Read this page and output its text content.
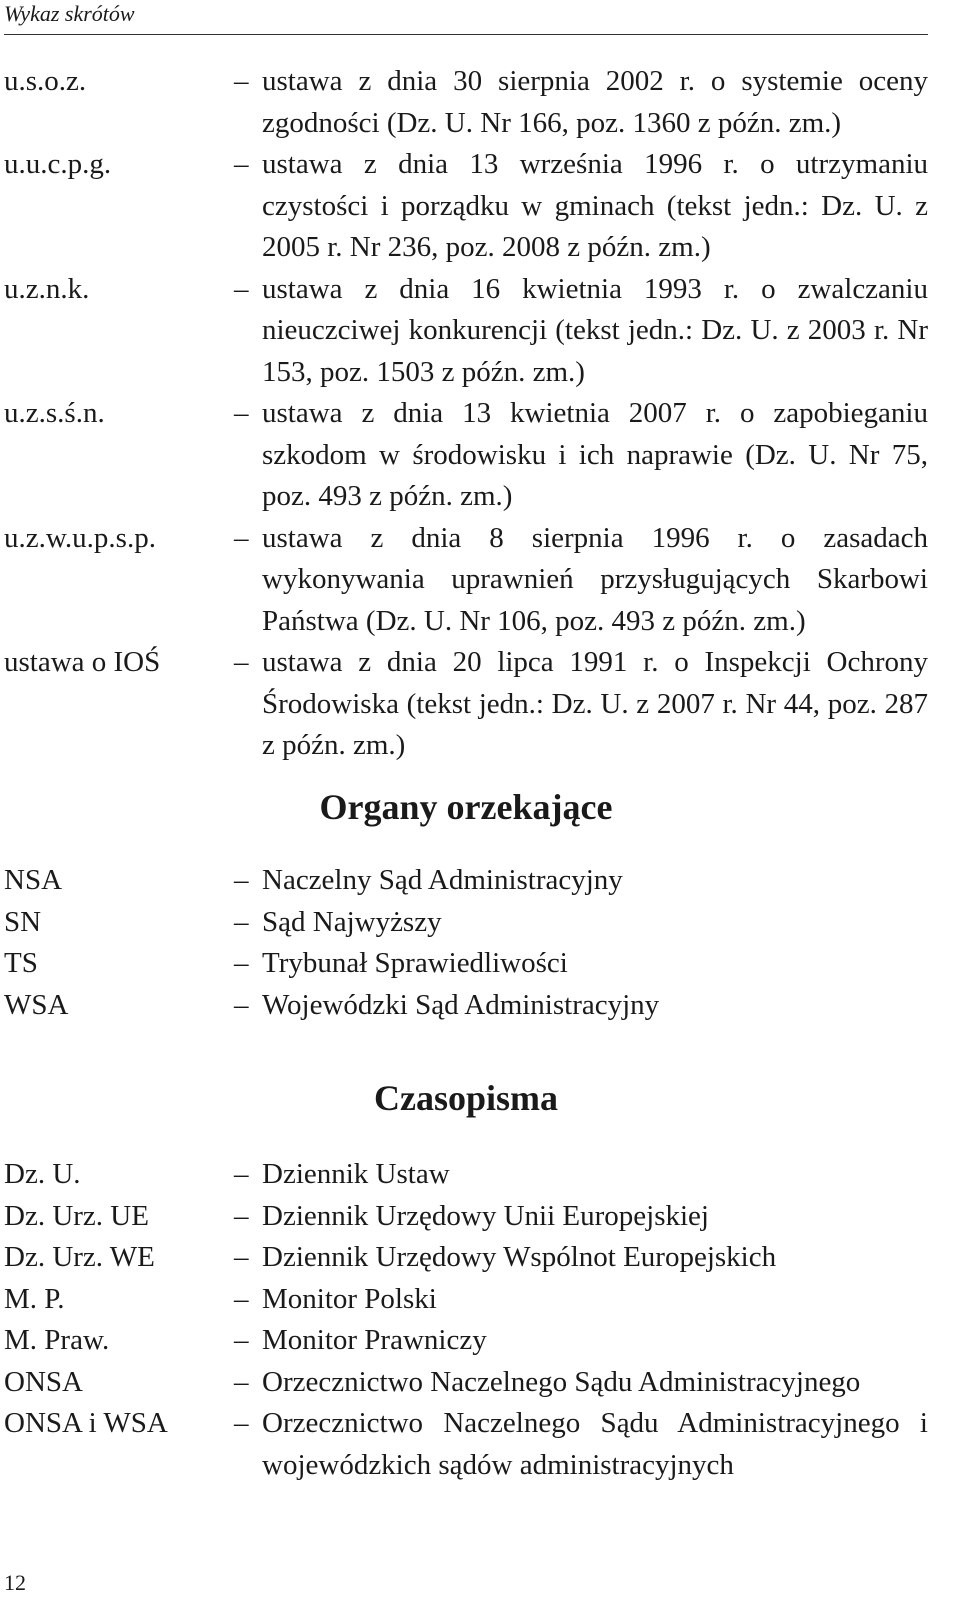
Wykaz skrótów
u.s.o.z.	– ustawa z dnia 30 sierpnia 2002 r. o systemie oceny zgodności (Dz. U. Nr 166, poz. 1360 z późn. zm.)
u.u.c.p.g.	– ustawa z dnia 13 września 1996 r. o utrzymaniu czystości i porządku w gminach (tekst jedn.: Dz. U. z 2005 r. Nr 236, poz. 2008 z późn. zm.)
u.z.n.k.	– ustawa z dnia 16 kwietnia 1993 r. o zwalczaniu nieuczciwej konkurencji (tekst jedn.: Dz. U. z 2003 r. Nr 153, poz. 1503 z późn. zm.)
u.z.s.ś.n.	– ustawa z dnia 13 kwietnia 2007 r. o zapobieganiu szkodom w środowisku i ich naprawie (Dz. U. Nr 75, poz. 493 z późn. zm.)
u.z.w.u.p.s.p.	– ustawa z dnia 8 sierpnia 1996 r. o zasadach wykonywania uprawnień przysługujących Skarbowi Państwa (Dz. U. Nr 106, poz. 493 z późn. zm.)
ustawa o IOŚ	– ustawa z dnia 20 lipca 1991 r. o Inspekcji Ochrony Środowiska (tekst jedn.: Dz. U. z 2007 r. Nr 44, poz. 287 z późn. zm.)
Organy orzekające
NSA	– Naczelny Sąd Administracyjny
SN	– Sąd Najwyższy
TS	– Trybunał Sprawiedliwości
WSA	– Wojewódzki Sąd Administracyjny
Czasopisma
Dz. U.	– Dziennik Ustaw
Dz. Urz. UE	– Dziennik Urzędowy Unii Europejskiej
Dz. Urz. WE	– Dziennik Urzędowy Wspólnot Europejskich
M. P.	– Monitor Polski
M. Praw.	– Monitor Prawniczy
ONSA	– Orzecznictwo Naczelnego Sądu Administracyjnego
ONSA i WSA	– Orzecznictwo Naczelnego Sądu Administracyjnego i wojewódzkich sądów administracyjnych
12
